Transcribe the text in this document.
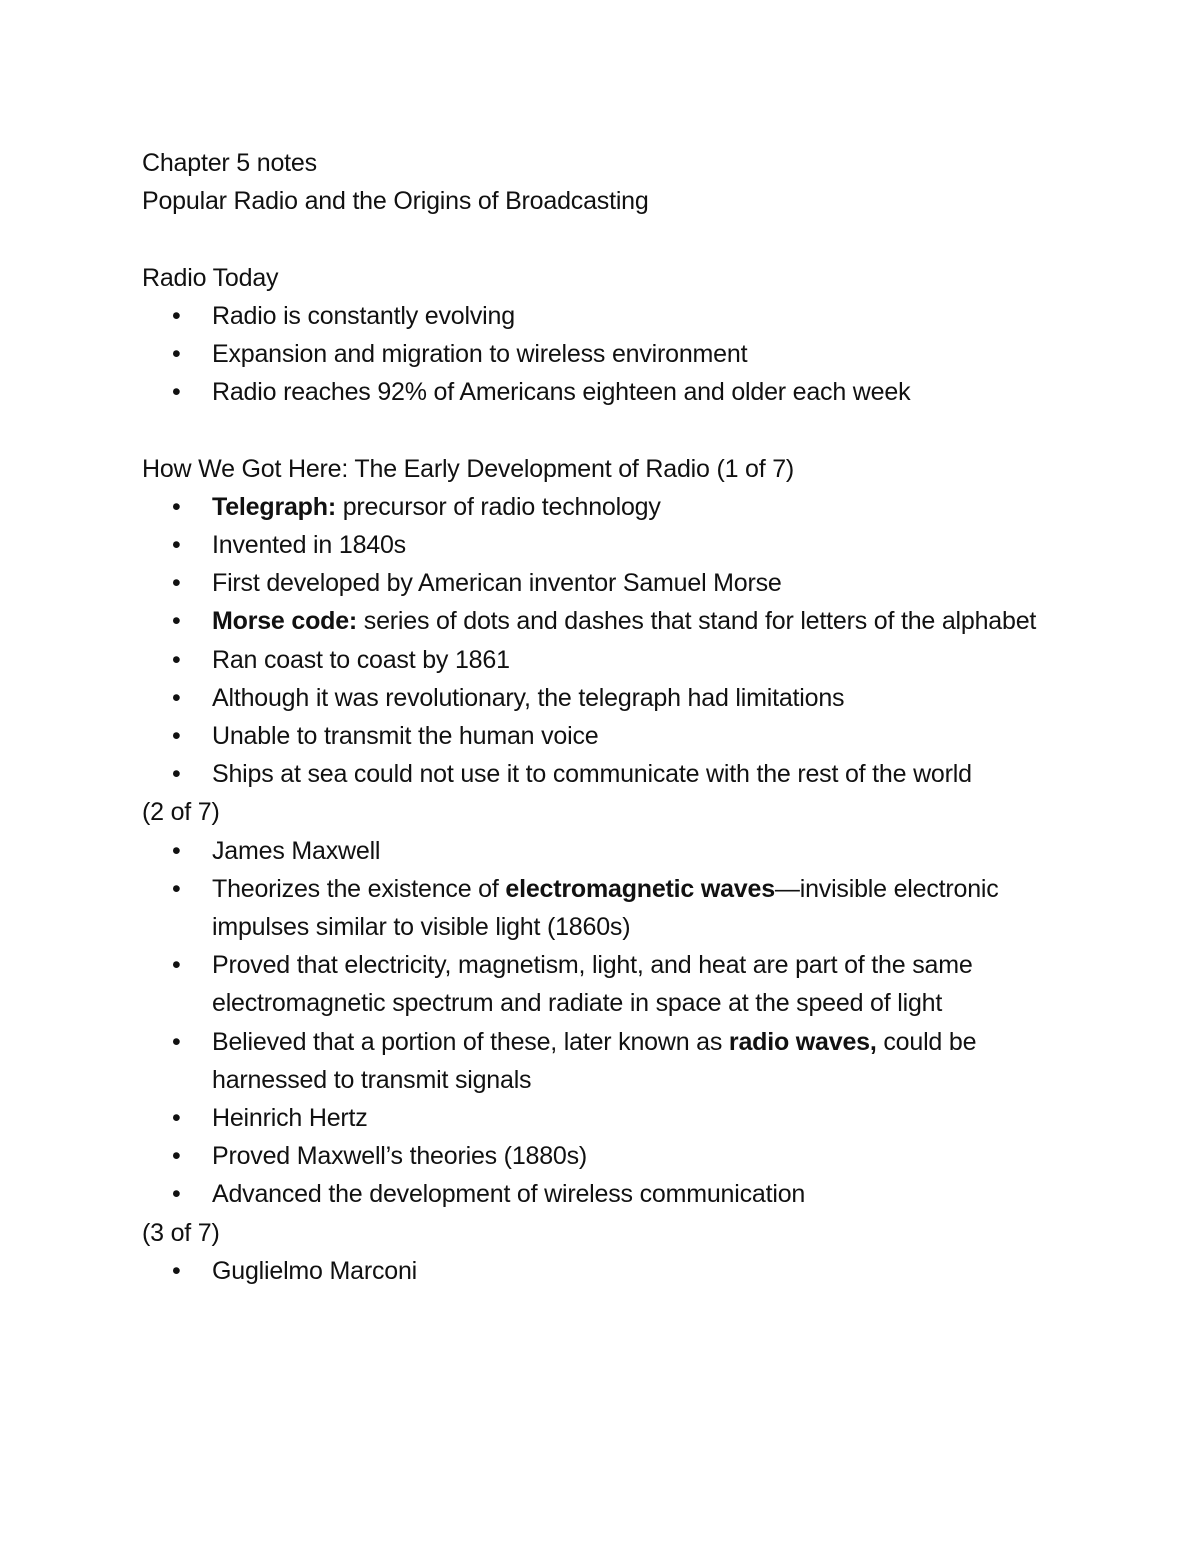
Chapter 5 notes

Popular Radio and the Origins of Broadcasting

Radio Today

• Radio is constantly evolving
• Expansion and migration to wireless environment
• Radio reaches 92% of Americans eighteen and older each week

How We Got Here: The Early Development of Radio (1 of 7)

• Telegraph: precursor of radio technology
• Invented in 1840s
• First developed by American inventor Samuel Morse
• Morse code: series of dots and dashes that stand for letters of the alphabet
• Ran coast to coast by 1861
• Although it was revolutionary, the telegraph had limitations
• Unable to transmit the human voice
• Ships at sea could not use it to communicate with the rest of the world

(2 of 7)

• James Maxwell
• Theorizes the existence of electromagnetic waves—invisible electronic impulses similar to visible light (1860s)
• Proved that electricity, magnetism, light, and heat are part of the same electromagnetic spectrum and radiate in space at the speed of light
• Believed that a portion of these, later known as radio waves, could be harnessed to transmit signals
• Heinrich Hertz
• Proved Maxwell’s theories (1880s)
• Advanced the development of wireless communication

(3 of 7)

• Guglielmo Marconi
